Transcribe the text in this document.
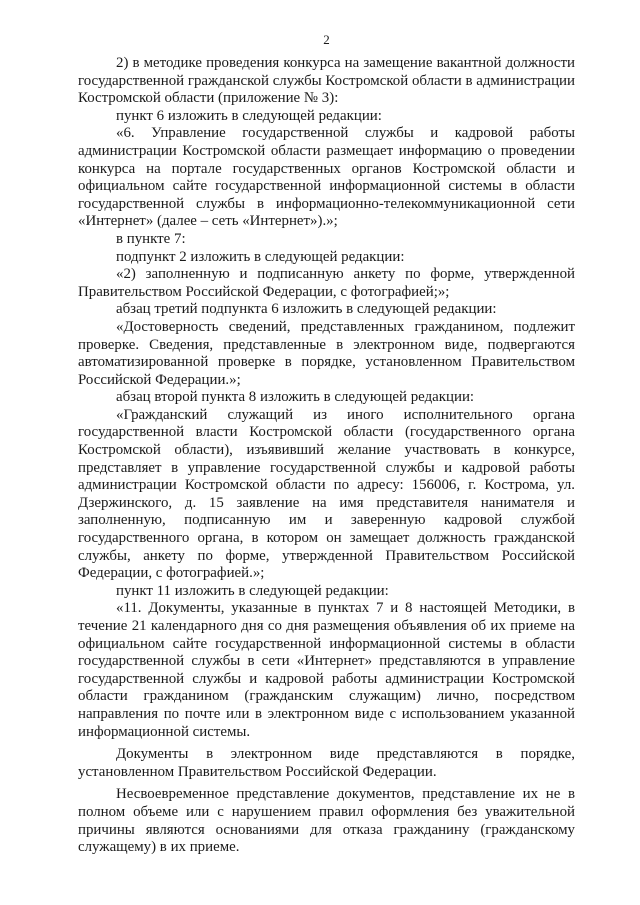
2

2) в методике проведения конкурса на замещение вакантной должности государственной гражданской службы Костромской области в администрации Костромской области (приложение № 3):

пункт 6 изложить в следующей редакции:

«6. Управление государственной службы и кадровой работы администрации Костромской области размещает информацию о проведении конкурса на портале государственных органов Костромской области и официальном сайте государственной информационной системы в области государственной службы в информационно-телекоммуникационной сети «Интернет» (далее – сеть «Интернет»).»;

в пункте 7:

подпункт 2 изложить в следующей редакции:

«2) заполненную и подписанную анкету по форме, утвержденной Правительством Российской Федерации, с фотографией;»;

абзац третий подпункта 6 изложить в следующей редакции:

«Достоверность сведений, представленных гражданином, подлежит проверке. Сведения, представленные в электронном виде, подвергаются автоматизированной проверке в порядке, установленном Правительством Российской Федерации.»;

абзац второй пункта 8 изложить в следующей редакции:

«Гражданский служащий из иного исполнительного органа государственной власти Костромской области (государственного органа Костромской области), изъявивший желание участвовать в конкурсе, представляет в управление государственной службы и кадровой работы администрации Костромской области по адресу: 156006, г. Кострома, ул. Дзержинского, д. 15 заявление на имя представителя нанимателя и заполненную, подписанную им и заверенную кадровой службой государственного органа, в котором он замещает должность гражданской службы, анкету по форме, утвержденной Правительством Российской Федерации, с фотографией.»;

пункт 11 изложить в следующей редакции:

«11. Документы, указанные в пунктах 7 и 8 настоящей Методики, в течение 21 календарного дня со дня размещения объявления об их приеме на официальном сайте государственной информационной системы в области государственной службы в сети «Интернет» представляются в управление государственной службы и кадровой работы администрации Костромской области гражданином (гражданским служащим) лично, посредством направления по почте или в электронном виде с использованием указанной информационной системы.

Документы в электронном виде представляются в порядке, установленном Правительством Российской Федерации.

Несвоевременное представление документов, представление их не в полном объеме или с нарушением правил оформления без уважительной причины являются основаниями для отказа гражданину (гражданскому служащему) в их приеме.
